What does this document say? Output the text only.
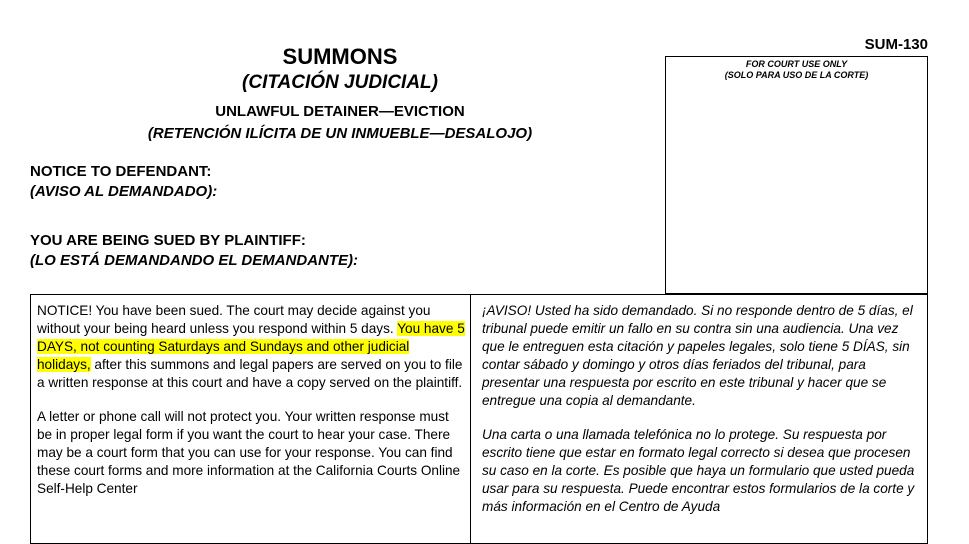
SUM-130
FOR COURT USE ONLY
(SOLO PARA USO DE LA CORTE)
SUMMONS
(CITACIÓN JUDICIAL)
UNLAWFUL DETAINER—EVICTION
(RETENCIÓN ILÍCITA DE UN INMUEBLE—DESALOJO)
NOTICE TO DEFENDANT:
(AVISO AL DEMANDADO):
YOU ARE BEING SUED BY PLAINTIFF:
(LO ESTÁ DEMANDANDO EL DEMANDANTE):

NOTICE! You have been sued. The court may decide against you without your being heard unless you respond within 5 days. You have 5 DAYS, not counting Saturdays and Sundays and other judicial holidays, after this summons and legal papers are served on you to file a written response at this court and have a copy served on the plaintiff.

A letter or phone call will not protect you. Your written response must be in proper legal form if you want the court to hear your case. There may be a court form that you can use for your response. You can find these court forms and more information at the California Courts Online Self-Help Center

¡AVISO! Usted ha sido demandado. Si no responde dentro de 5 días, el tribunal puede emitir un fallo en su contra sin una audiencia. Una vez que le entreguen esta citación y papeles legales, solo tiene 5 DÍAS, sin contar sábado y domingo y otros días feriados del tribunal, para presentar una respuesta por escrito en este tribunal y hacer que se entregue una copia al demandante.

Una carta o una llamada telefónica no lo protege. Su respuesta por escrito tiene que estar en formato legal correcto si desea que procesen su caso en la corte. Es posible que haya un formulario que usted pueda usar para su respuesta. Puede encontrar estos formularios de la corte y más información en el Centro de Ayuda
